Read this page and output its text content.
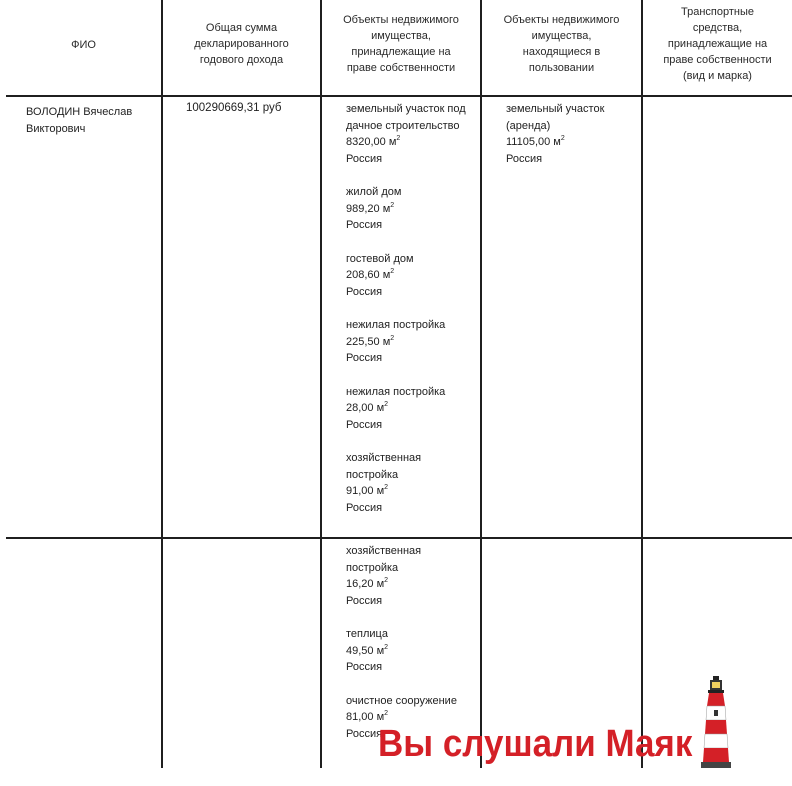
ФИО
Общая сумма
декларированного
годового дохода
Объекты недвижимого
имущества,
принадлежащие на
праве собственности
Объекты недвижимого
имущества,
находящиеся в
пользовании
Транспортные
средства,
принадлежащие на
праве собственности
(вид и марка)
ВОЛОДИН Вячеслав
Викторович
100290669,31 руб	земельный участок под
дачное строительство
8320,00 $м^2$
Россия
жилой дом
989,20 $м^2$
Россия
гостевой дом
208,60 $м^2$
Россия
нежилая постройка
225,50 $м^2$
Россия
нежилая постройка
28,00 $м^2$
Россия
хозяйственная
постройка
91,00 $м^2$
Россия
хозяйственная
постройка
16,20 $м^2$
Россия
теплица
49,50 $м^2$
Россия
очистное сооружение
81,00 $м^2$
Россия
земельный участок
(аренда)
11105,00 $м^2$
Россия
Вы слушали Маяк
